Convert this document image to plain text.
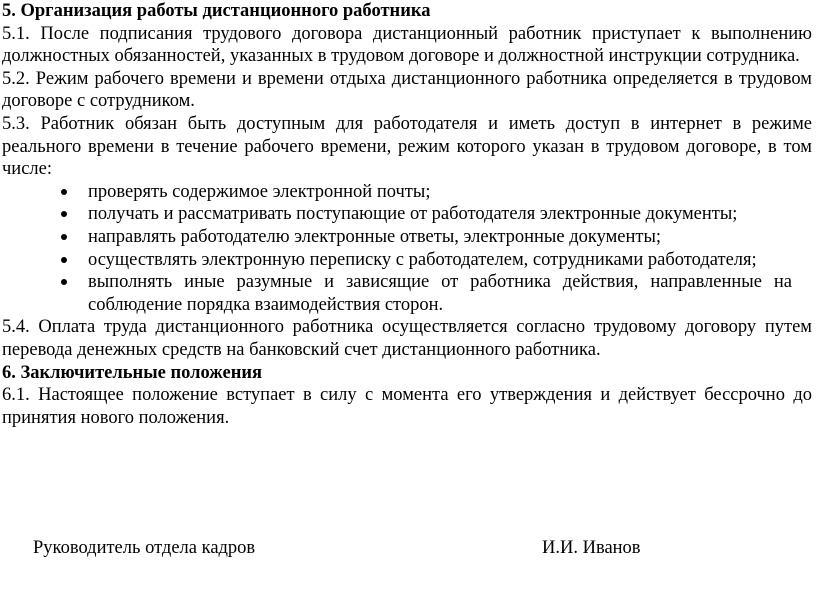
5. Организация работы дистанционного работника

5.1. После подписания трудового договора дистанционный работник приступает к выполнению должностных обязанностей, указанных в трудовом договоре и должностной инструкции сотрудника.

5.2. Режим рабочего времени и времени отдыха дистанционного работника определяется в трудовом договоре с сотрудником.

5.3. Работник обязан быть доступным для работодателя и иметь доступ в интернет в режиме реального времени в течение рабочего времени, режим которого указан в трудовом договоре, в том числе:

проверять содержимое электронной почты;
получать и рассматривать поступающие от работодателя электронные документы;
направлять работодателю электронные ответы, электронные документы;
осуществлять электронную переписку с работодателем, сотрудниками работодателя;
выполнять иные разумные и зависящие от работника действия, направленные на соблюдение порядка взаимодействия сторон.

5.4. Оплата труда дистанционного работника осуществляется согласно трудовому договору путем перевода денежных средств на банковский счет дистанционного работника.

6. Заключительные положения

6.1. Настоящее положение вступает в силу с момента его утверждения и действует бессрочно до принятия нового положения.

Руководитель отдела кадров	И.И. Иванов
